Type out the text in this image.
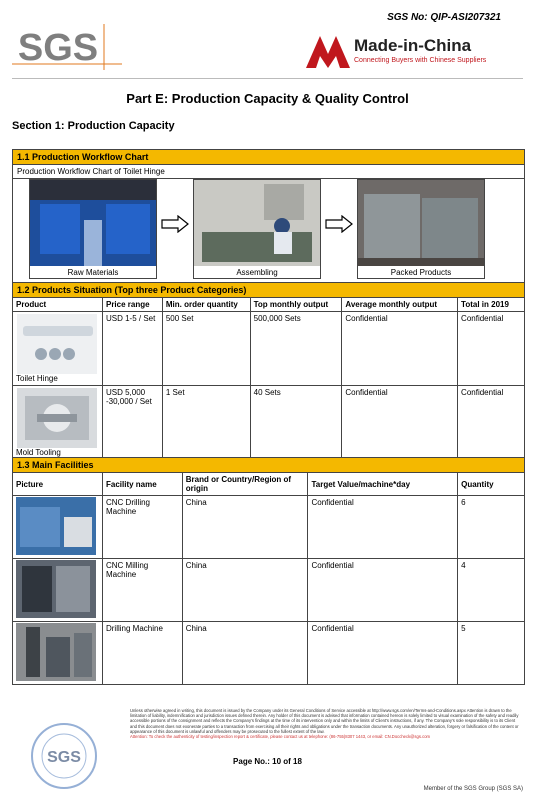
SGS No: QIP-ASI207321
SGS	Made-in-China
Connecting Buyers with Chinese Suppliers
Part E: Production Capacity & Quality Control
Section 1: Production Capacity
1.1 Production Workflow Chart
Production Workflow Chart of Toilet Hinge

Raw Materials	Assembling	Packed Products
1.2 Products Situation (Top three Product Categories)					
Product	Price range	Min. order quantity	Top monthly output	Average monthly output	Total in 2019

Toilet Hinge	USD 1-5 / Set	500 Set	500,000 Sets	Confidential	Confidential

Mold Tooling	USD 5,000 -30,000 / Set	1 Set	40 Sets	Confidential	Confidential
1.3 Main Facilities				
Picture	Facility name	Brand or Country/Region of origin	Target Value/machine*day	Quantity
	CNC Drilling Machine	China	Confidential	6
	CNC Milling Machine	China	Confidential	4
	Drilling Machine	China	Confidential	5
SGS
Unless otherwise agreed in writing, this document is issued by the Company under its General Conditions of Service accessible at http://www.sgs.com/en/Terms-and-Conditions.aspx Attention is drawn to the limitation of liability, indemnification and jurisdiction issues defined therein. Any holder of this document is advised that information contained hereon is solely limited to visual examination of the safety and readily accessible portions of the consignment and reflects the Company's findings at the time of its intervention only and within the limits of Client's instructions, if any. The Company's sole responsibility is to its Client and this document does not exonerate parties to a transaction from exercising all their rights and obligations under the transaction documents. Any unauthorized alteration, forgery or falsification of the content or appearance of this document is unlawful and offenders may be prosecuted to the fullest extent of the law.
Attention: To check the authenticity of testing/inspection report & certificate, please contact us at telephone: (86-755)8307 1443, or email: CN.Doccheck@sgs.com
Page No.: 10 of 18
Member of the SGS Group (SGS SA)
